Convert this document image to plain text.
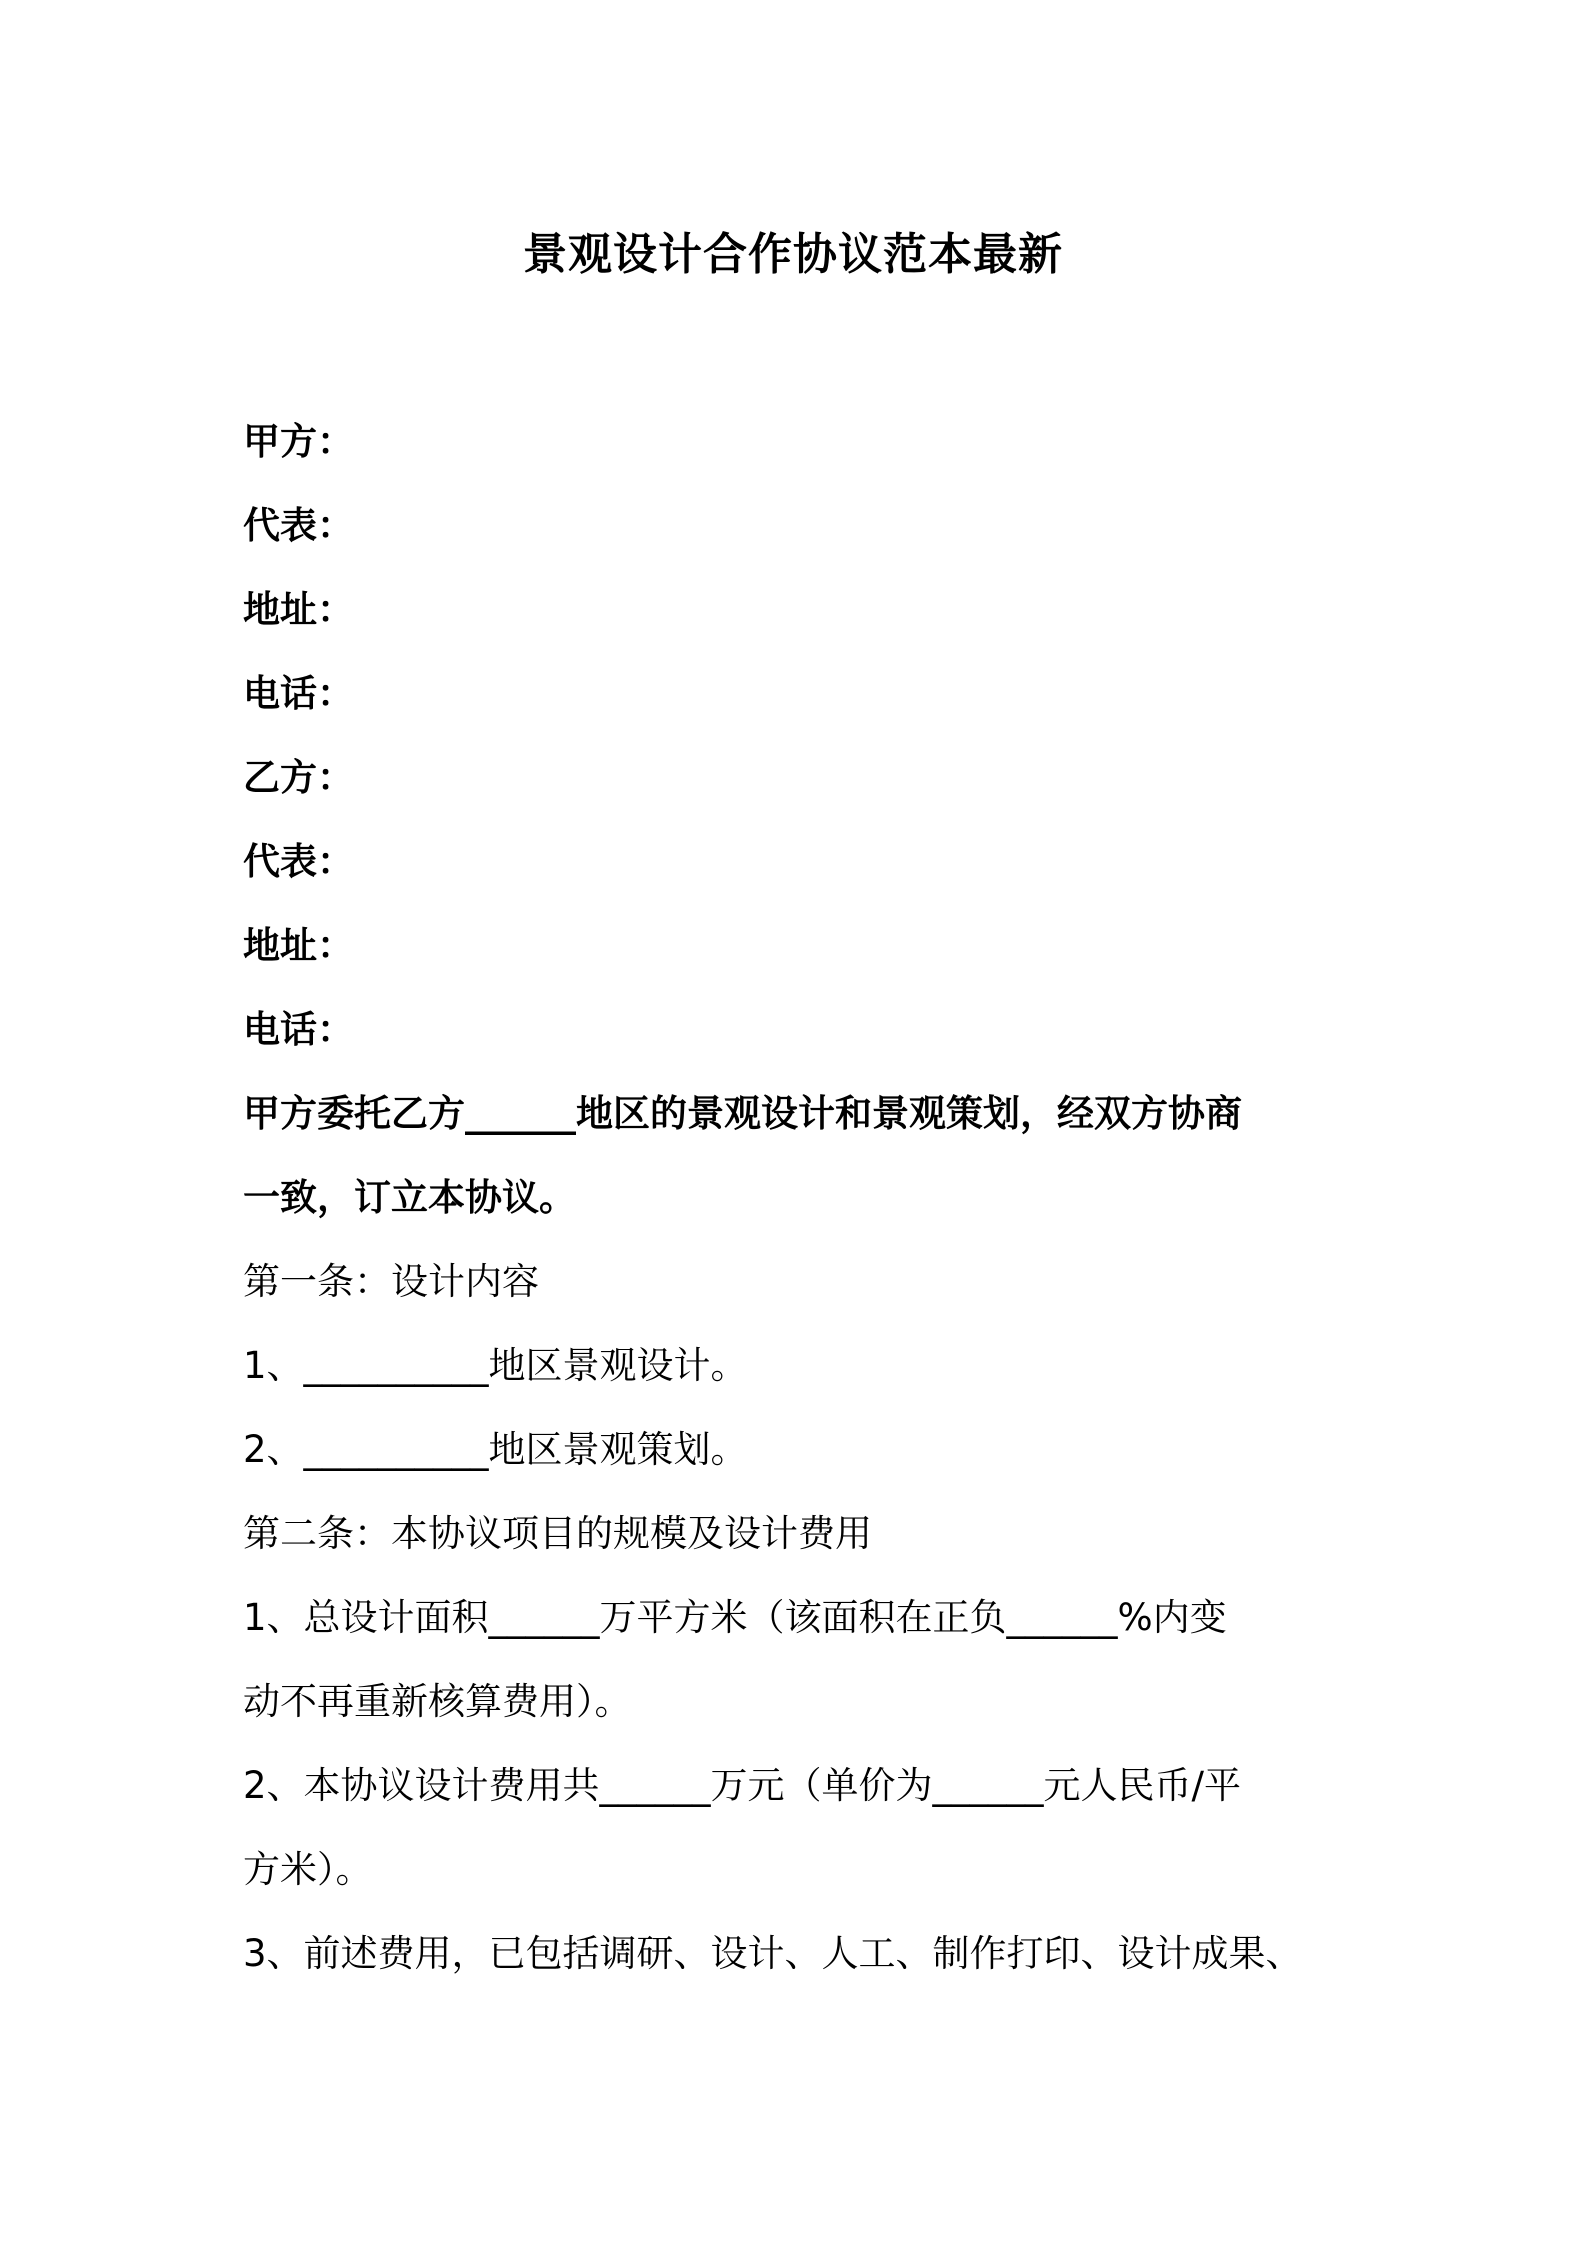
景观设计合作协议范本最新
甲方：
代表：
地址：
电话：
乙方：
代表：
地址：
电话：
甲方委托乙方______地区的景观设计和景观策划，经双方协商
一致，订立本协议。
第一条：设计内容
1、__________地区景观设计。
2、__________地区景观策划。
第二条：本协议项目的规模及设计费用
1、总设计面积______万平方米（该面积在正负______%内变
动不再重新核算费用）。
2、本协议设计费用共______万元（单价为______元人民币/平
方米）。
3、前述费用，已包括调研、设计、人工、制作打印、设计成果、
